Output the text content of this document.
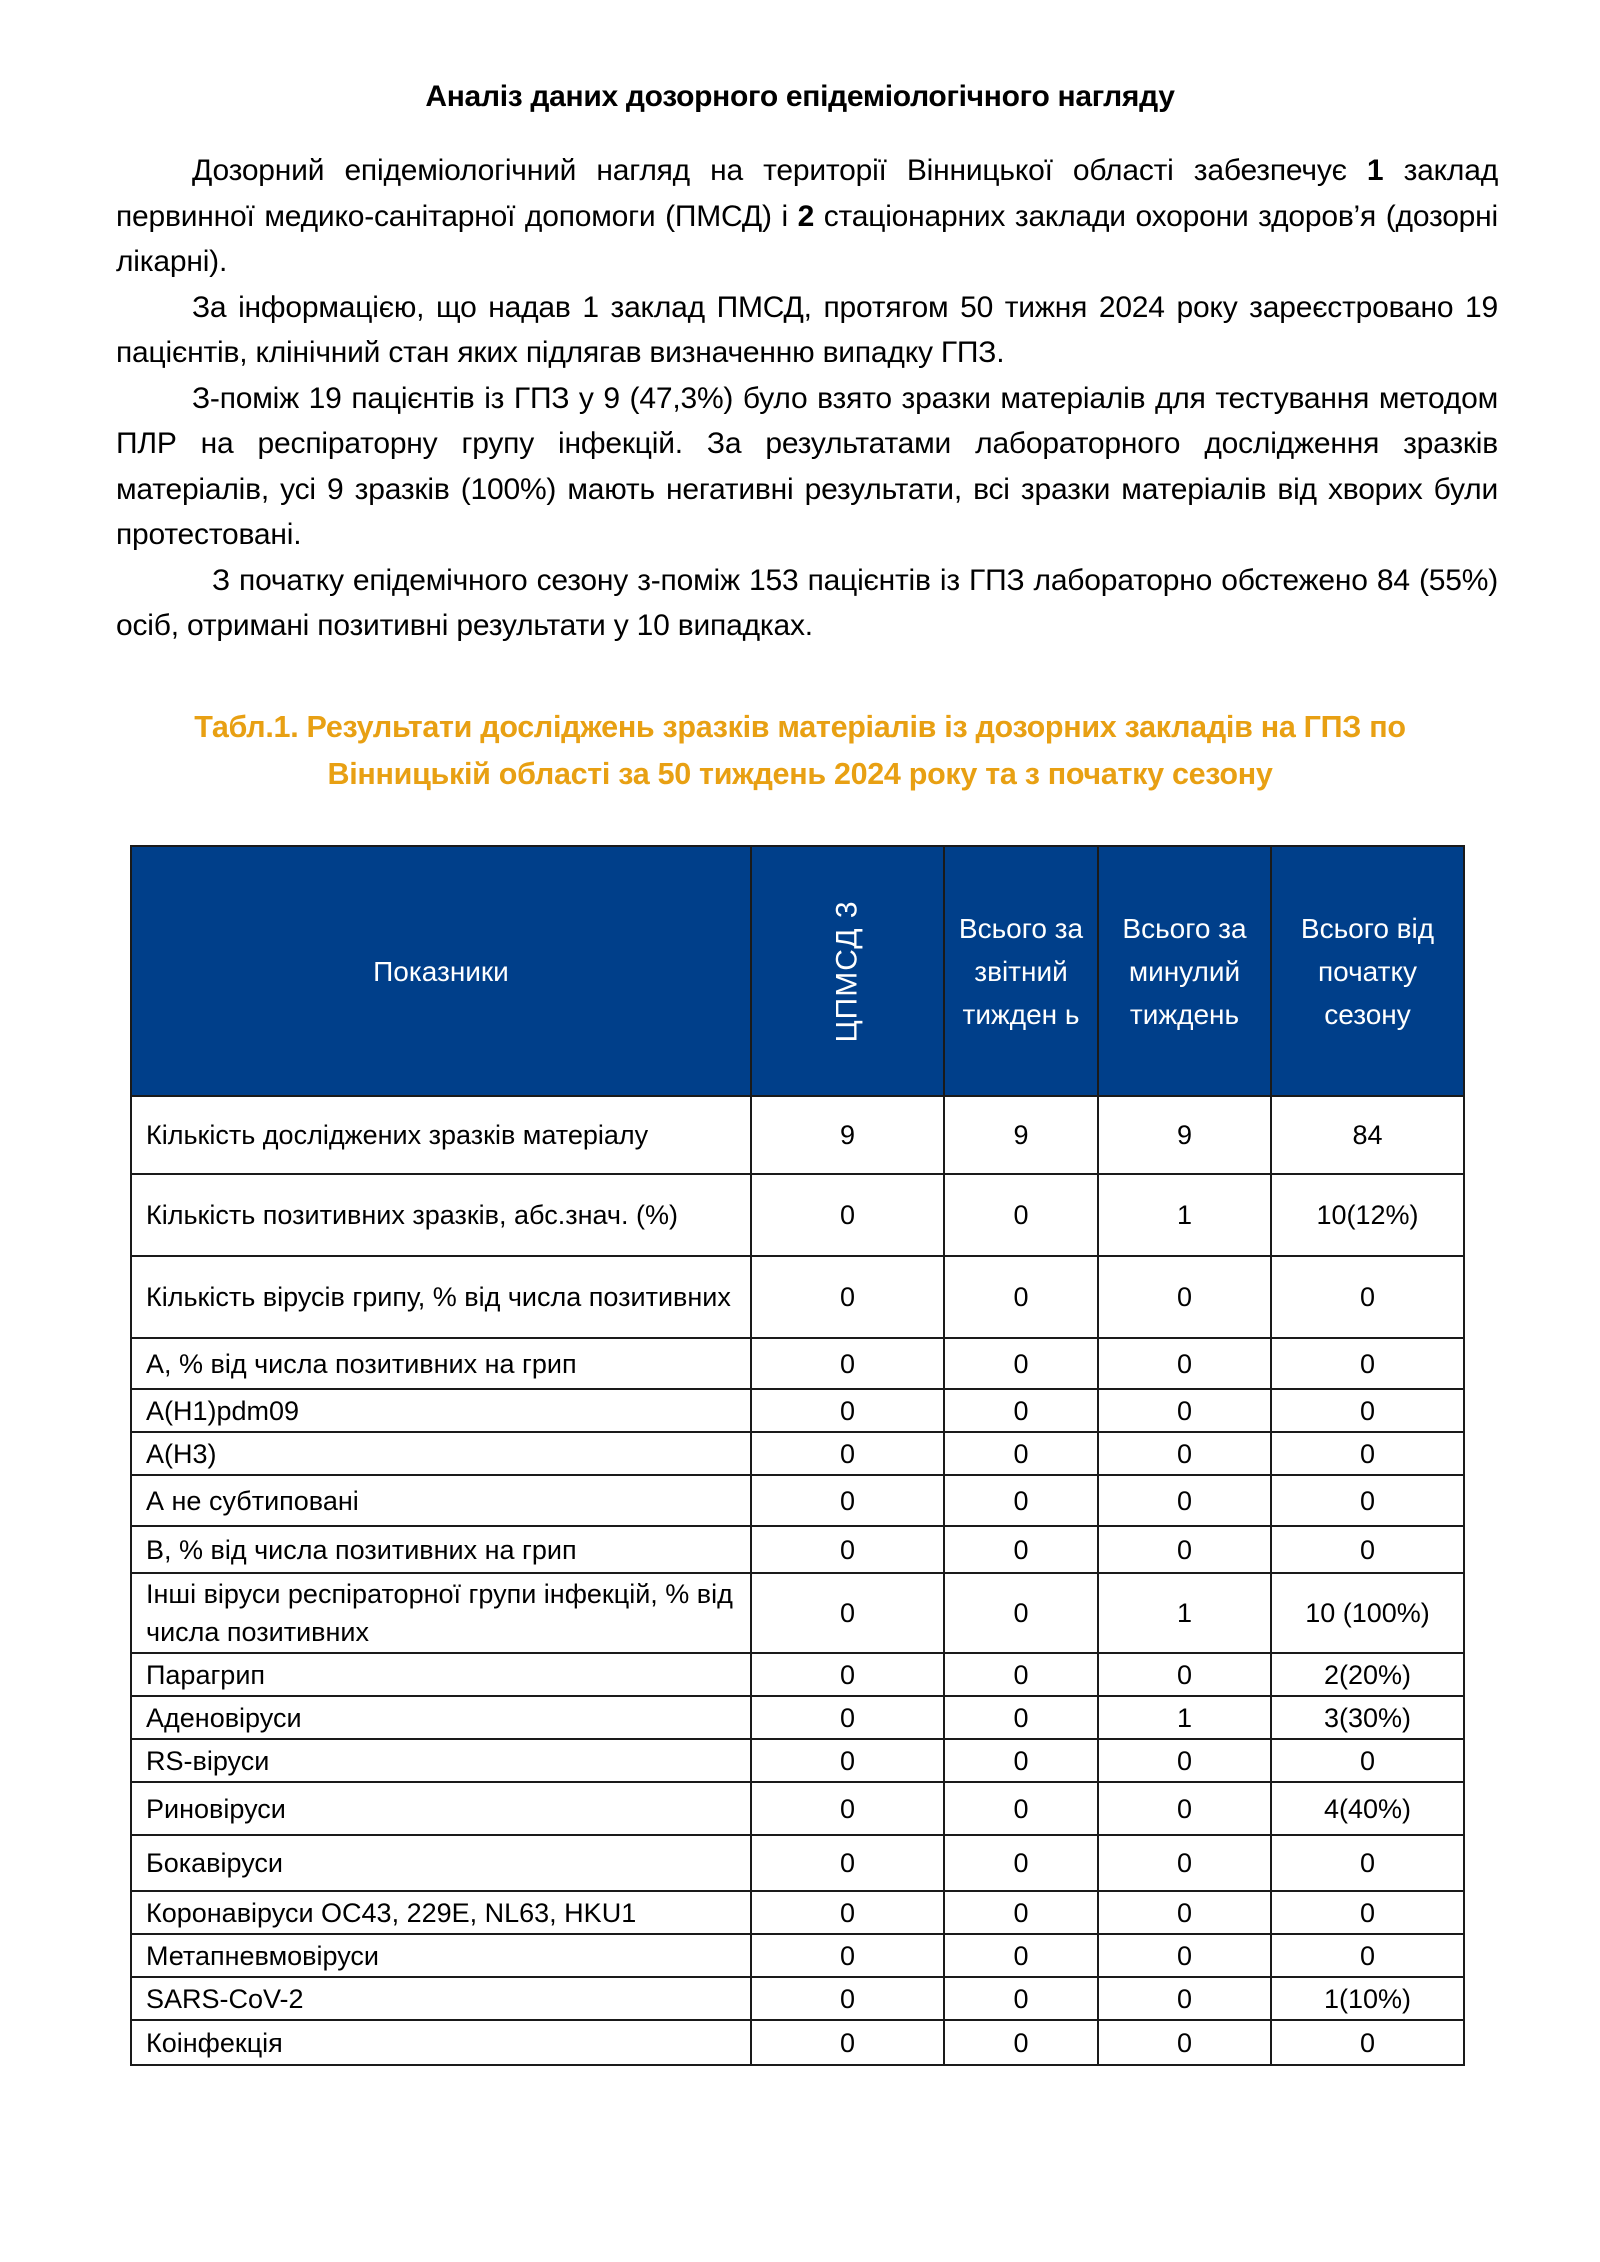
Аналіз даних дозорного епідеміологічного нагляду

Дозорний епідеміологічний нагляд на території Вінницької області забезпечує 1 заклад первинної медико-санітарної допомоги (ПМСД) і 2 стаціонарних заклади охорони здоров’я (дозорні лікарні).

За інформацією, що надав 1 заклад ПМСД, протягом 50 тижня 2024 року зареєстровано 19 пацієнтів, клінічний стан яких підлягав визначенню випадку ГПЗ.

З-поміж 19 пацієнтів із ГПЗ у 9 (47,3%) було взято зразки матеріалів для тестування методом ПЛР на респіраторну групу інфекцій. За результатами лабораторного дослідження зразків матеріалів, усі 9 зразків (100%) мають негативні результати, всі зразки матеріалів від хворих були протестовані.

З початку епідемічного сезону з-поміж 153 пацієнтів із ГПЗ лабораторно обстежено 84 (55%) осіб, отримані позитивні результати у 10 випадках.

Табл.1. Результати досліджень зразків матеріалів із дозорних закладів на ГПЗ по
Вінницькій області за 50 тиждень 2024 року та з початку сезону
Показники	ЦПМСД 3	Всього за звітний тижден ь	Всього за минулий тиждень	Всього від початку сезону
Кількість досліджених зразків матеріалу	9	9	9	84
Кількість позитивних зразків, абс.знач. (%)	0	0	1	10(12%)
Кількість вірусів грипу, % від числа позитивних	0	0	0	0
А, % від числа позитивних на грип	0	0	0	0
A(H1)pdm09	0	0	0	0
A(H3)	0	0	0	0
А не субтиповані	0	0	0	0
В, % від числа позитивних на грип	0	0	0	0
Інші віруси респіраторної групи інфекцій, % від числа позитивних	0	0	1	10 (100%)
Парагрип	0	0	0	2(20%)
Аденовіруси	0	0	1	3(30%)
RS-віруси	0	0	0	0
Риновіруси	0	0	0	4(40%)
Бокавіруси	0	0	0	0
Коронавіруси OC43, 229E, NL63, HKU1	0	0	0	0
Метапневмовіруси	0	0	0	0
SARS-CoV-2	0	0	0	1(10%)
Коінфекція	0	0	0	0
